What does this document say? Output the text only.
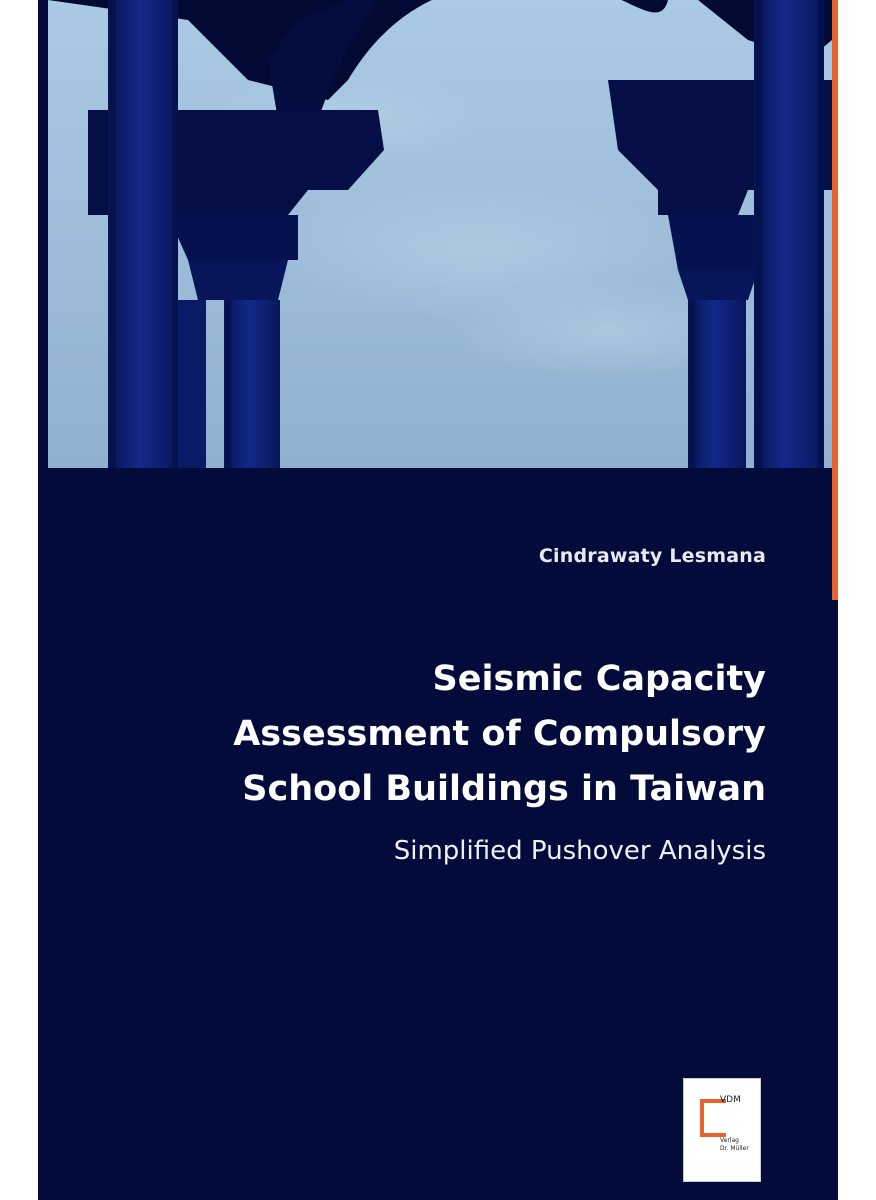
Cindrawaty Lesmana
Seismic Capacity
Assessment of Compulsory
School Buildings in Taiwan
Simplified Pushover Analysis
VDM
Verlag
Dr. Müller
